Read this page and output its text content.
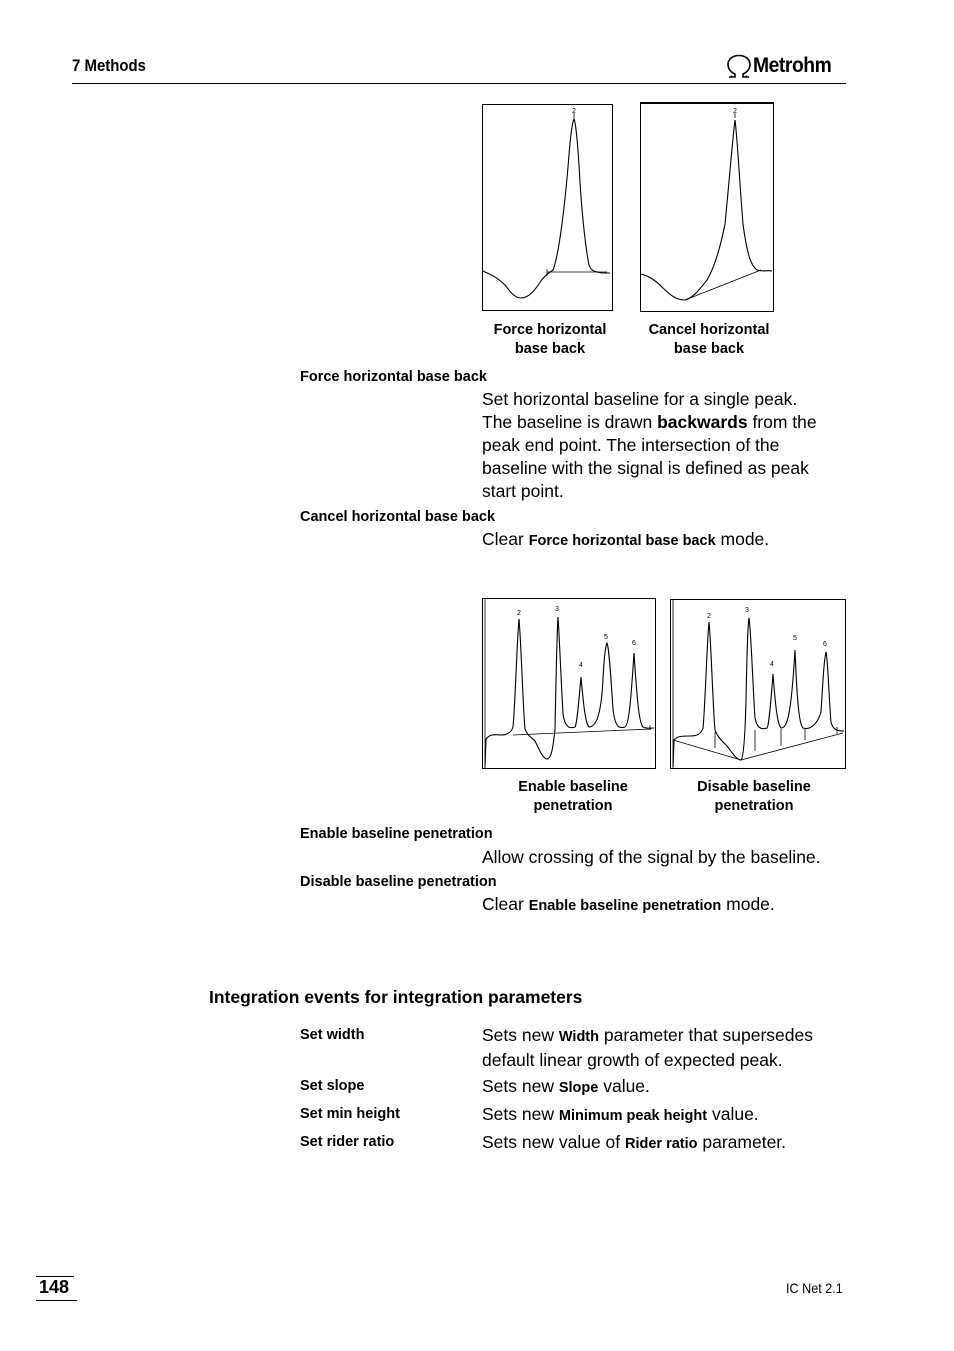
7 Methods	Metrohm
2
Force horizontal
base back
2
Cancel horizontal
base back
Force horizontal base back
Set horizontal baseline for a single peak.
The baseline is drawn backwards from the
peak end point. The intersection of the
baseline with the signal is defined as peak
start point.
Cancel horizontal base back
Clear Force horizontal base back mode.
2
3
4
5
6
Enable baseline
penetration
2
3
4
5
6
Disable baseline
penetration
Enable baseline penetration
Allow crossing of the signal by the baseline.
Disable baseline penetration
Clear Enable baseline penetration mode.
Integration events for integration parameters
Set width	Sets new Width parameter that supersedes
default linear growth of expected peak.
Set slope	Sets new Slope value.
Set min height	Sets new Minimum peak height value.
Set rider ratio	Sets new value of Rider ratio parameter.
148	IC Net 2.1
